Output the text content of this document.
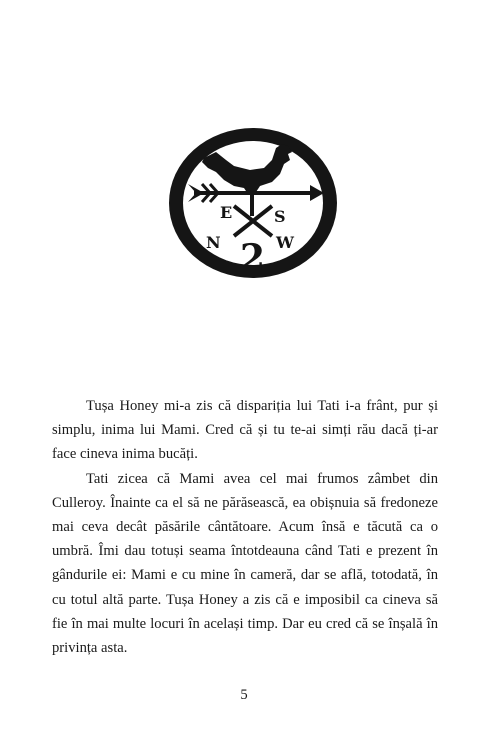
E	S
N	W
2

Tușa Honey mi-a zis că dispariția lui Tati i-a frânt, pur și simplu, inima lui Mami. Cred că și tu te-ai simți rău dacă ți-ar face cineva inima bucăți.

Tati zicea că Mami avea cel mai frumos zâmbet din Culleroy. Înainte ca el să ne părăsească, ea obișnuia să fredoneze mai ceva decât păsările cântătoare. Acum însă e tăcută ca o umbră. Îmi dau totuși seama întotdeauna când Tati e prezent în gândurile ei: Mami e cu mine în cameră, dar se află, totodată, în cu totul altă parte. Tușa Honey a zis că e imposibil ca cineva să fie în mai multe locuri în același timp. Dar eu cred că se înșală în privința asta.

5
